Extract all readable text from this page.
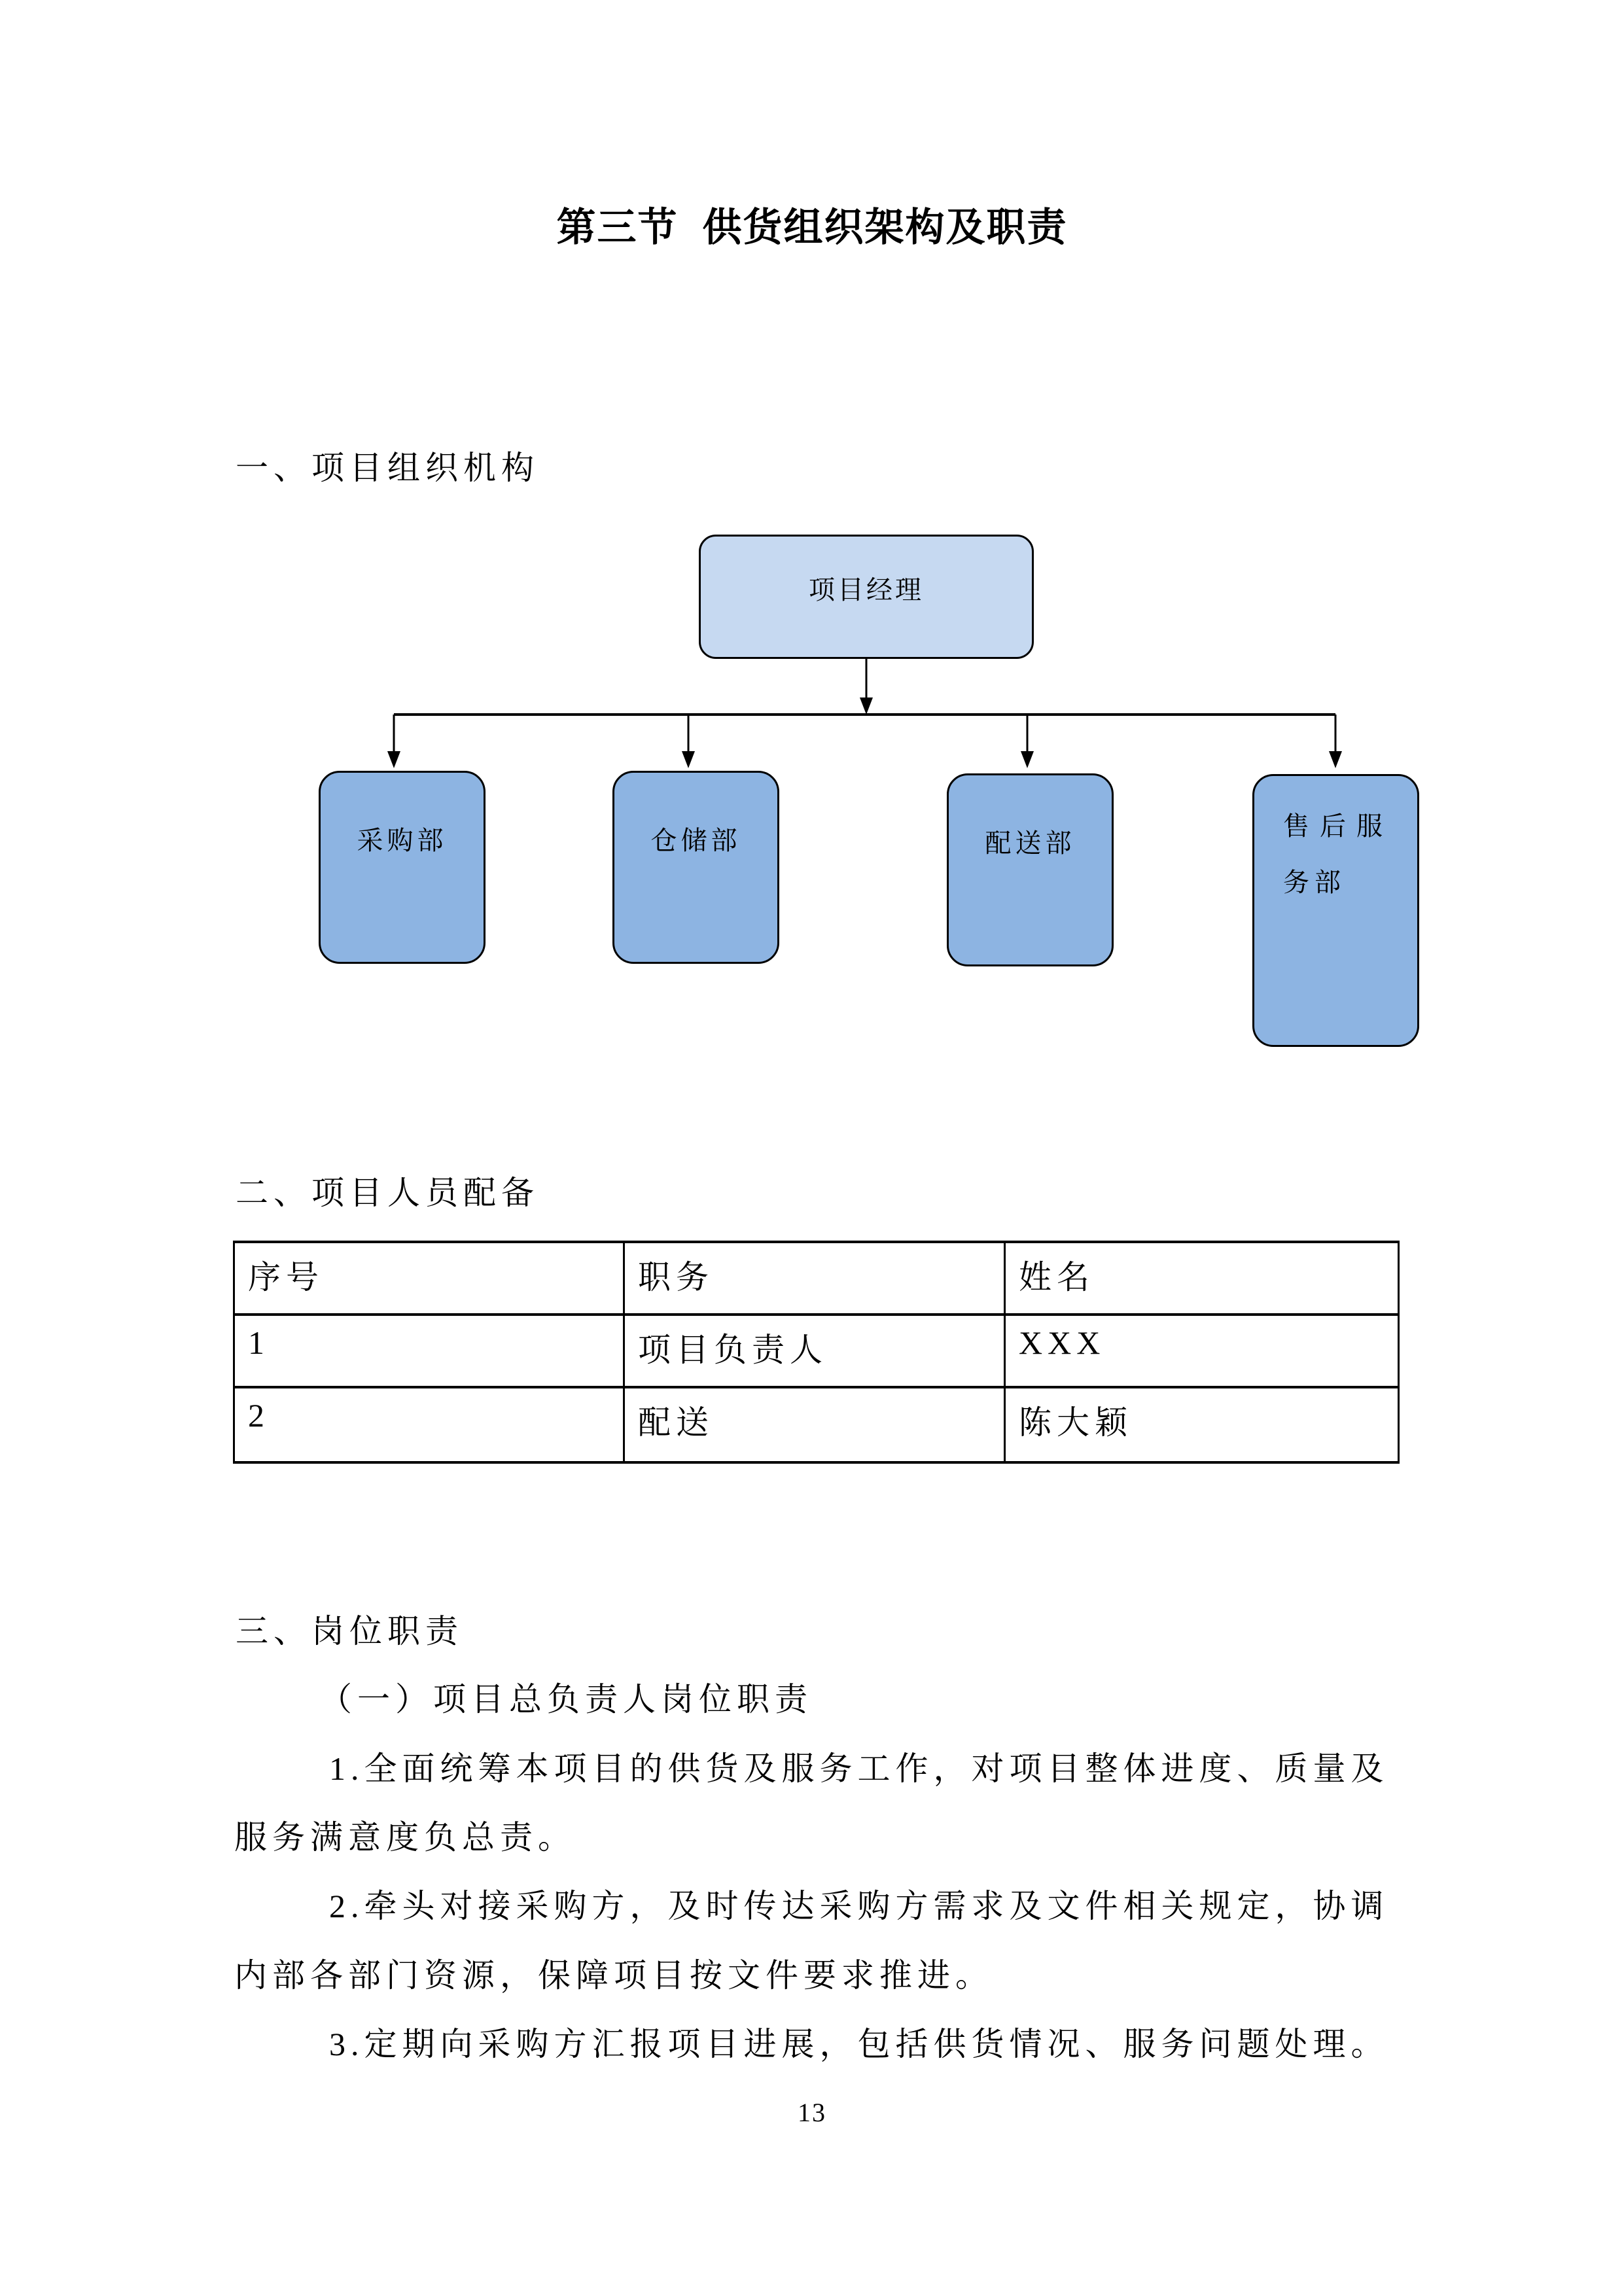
第三节 供货组织架构及职责
一、项目组织机构
项目经理
采购部	仓储部	配送部
售后服
务部
二、项目人员配备
序号	职务	姓名
1	项目负责人	XXX
2	配送	陈大颖
三、岗位职责
（一）项目总负责人岗位职责
1.全面统筹本项目的供货及服务工作，对项目整体进度、质量及
服务满意度负总责。
2.牵头对接采购方，及时传达采购方需求及文件相关规定，协调
内部各部门资源，保障项目按文件要求推进。
3.定期向采购方汇报项目进展，包括供货情况、服务问题处理。
13
